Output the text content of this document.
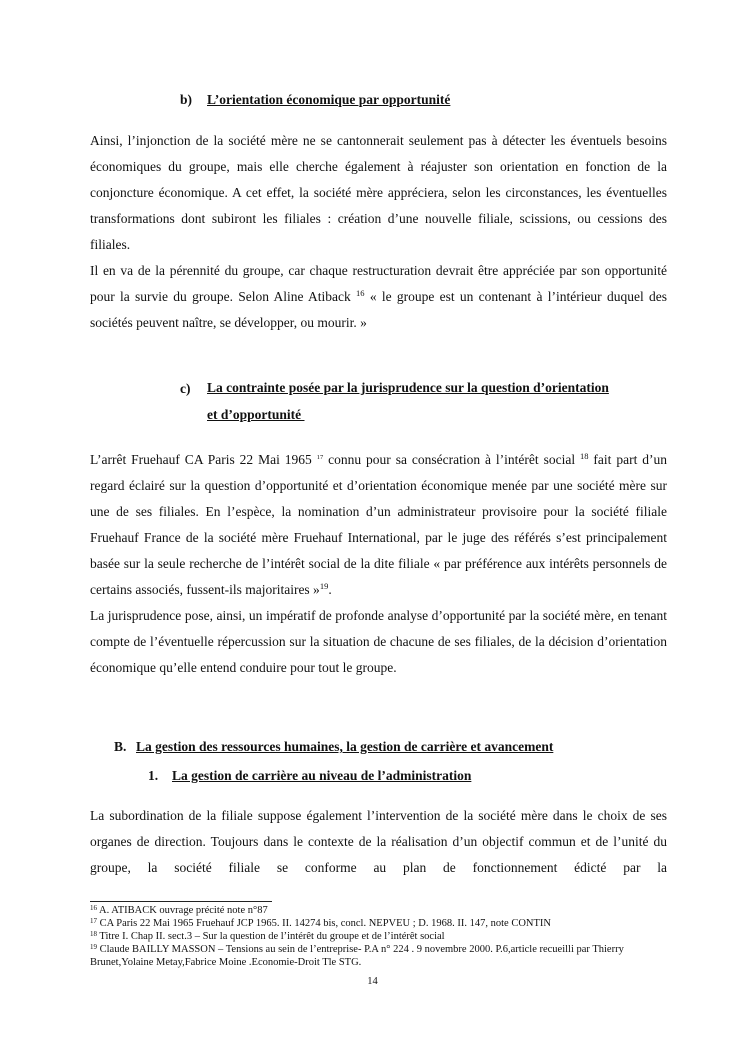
b) L’orientation économique par opportunité

Ainsi, l’injonction de la société mère ne se cantonnerait seulement pas à détecter les éventuels besoins économiques du groupe, mais elle cherche également à réajuster son orientation en fonction de la conjoncture économique. A cet effet, la société mère appréciera, selon les circonstances, les éventuelles transformations dont subiront les filiales : création d’une nouvelle filiale, scissions, ou cessions des filiales.

Il en va de la pérennité du groupe, car chaque restructuration devrait être appréciée par son opportunité pour la survie du groupe. Selon Aline Atiback $^{16}$ « le groupe est un contenant à l’intérieur duquel des sociétés peuvent naître, se développer, ou mourir. »

c)	La contrainte posée par la jurisprudence sur la question d’orientation
et d’opportunité

L’arrêt Fruehauf CA Paris 22 Mai 1965 $^{17}$ connu pour sa consécration à l’intérêt social $^{18}$ fait part d’un regard éclairé sur la question d’opportunité et d’orientation économique menée par une société mère sur une de ses filiales. En l’espèce, la nomination d’un administrateur provisoire pour la société filiale Fruehauf France de la société mère Fruehauf International, par le juge des référés s’est principalement basée sur la seule recherche de l’intérêt social de la dite filiale « par préférence aux intérêts personnels de certains associés, fussent-ils majoritaires »$^{19}$.

La jurisprudence pose, ainsi, un impératif de profonde analyse d’opportunité par la société mère, en tenant compte de l’éventuelle répercussion sur la situation de chacune de ses filiales, de la décision d’orientation économique qu’elle entend conduire pour tout le groupe.

B. La gestion des ressources humaines, la gestion de carrière et avancement
1. La gestion de carrière au niveau de l’administration

La subordination de la filiale suppose également l’intervention de la société mère dans le choix de ses organes de direction. Toujours dans le contexte de la réalisation d’un objectif commun et de l’unité du groupe, la société filiale se conforme au plan de fonctionnement édicté par la

$^{16}$ A. ATIBACK ouvrage précité note n°87

$^{17}$ CA Paris 22 Mai 1965 Fruehauf JCP 1965. II. 14274 bis, concl. NEPVEU ; D. 1968. II. 147, note CONTIN

$^{18}$ Titre I. Chap II. sect.3 – Sur la question de l’intérêt du groupe et de l’intérêt social

$^{19}$ Claude BAILLY MASSON – Tensions au sein de l’entreprise- P.A n° 224 . 9 novembre 2000. P.6,article recueilli par Thierry Brunet,Yolaine Metay,Fabrice Moine .Economie-Droit Tle STG.

14
